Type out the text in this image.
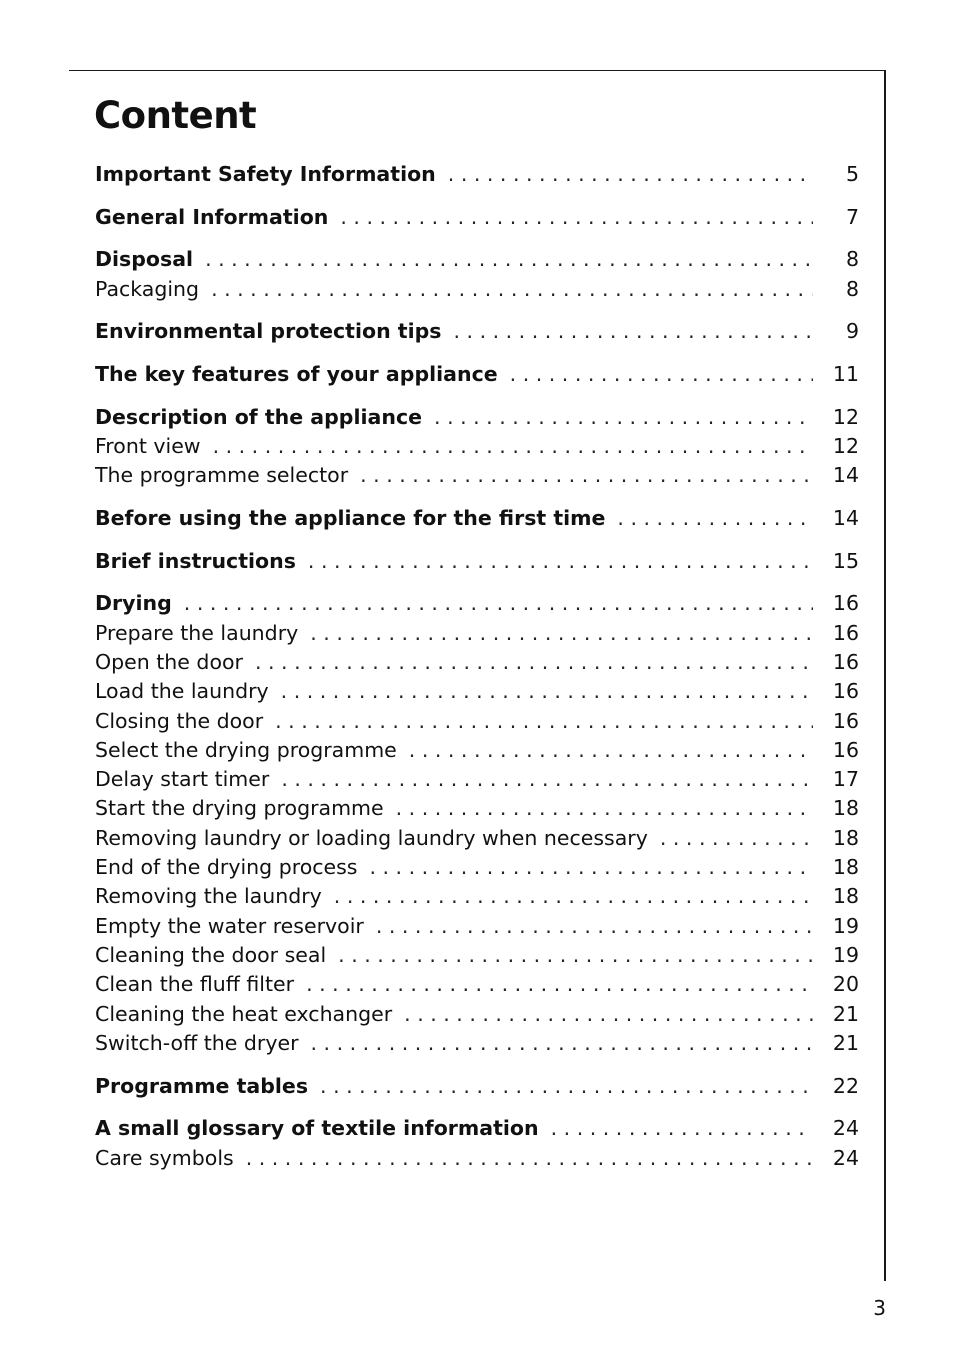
Content
Important Safety Information . . .	5
General Information . . .	7
Disposal . . .	8
Packaging . . .	8
Environmental protection tips . . .	9
The key features of your appliance . . .	11
Description of the appliance . . .	12
Front view . . .	12
The programme selector . . .	14
Before using the appliance for the first time . . .	14
Brief instructions . . .	15
Drying . . .	16
Prepare the laundry . . .	16
Open the door . . .	16
Load the laundry . . .	16
Closing the door . . .	16
Select the drying programme . . .	16
Delay start timer . . .	17
Start the drying programme . . .	18
Removing laundry or loading laundry when necessary . . .	18
End of the drying process . . .	18
Removing the laundry . . .	18
Empty the water reservoir . . .	19
Cleaning the door seal . . .	19
Clean the fluff filter . . .	20
Cleaning the heat exchanger . . .	21
Switch-off the dryer . . .	21
Programme tables . . .	22
A small glossary of textile information . . .	24
Care symbols . . .	24
3
